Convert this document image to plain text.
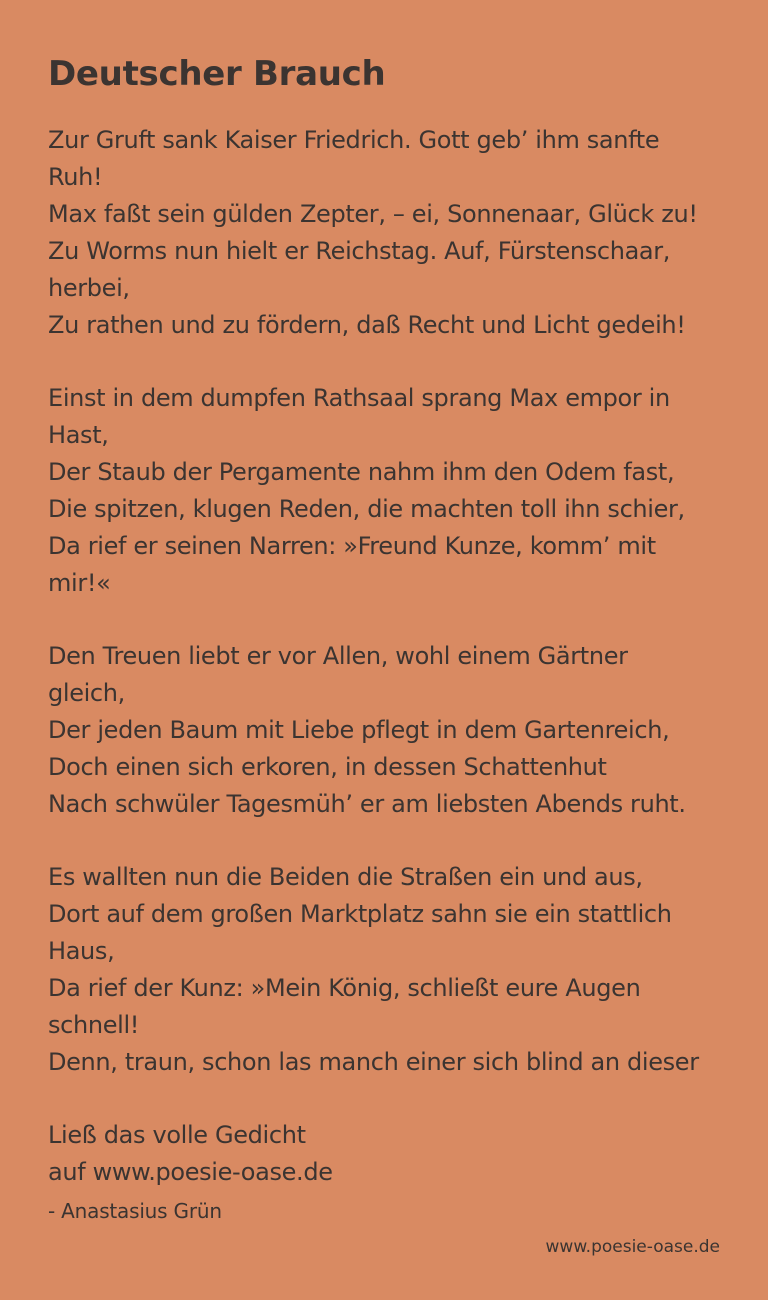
Deutscher Brauch
Zur Gruft sank Kaiser Friedrich. Gott geb’ ihm sanfte
Ruh!
Max faßt sein gülden Zepter, – ei, Sonnenaar, Glück zu!
Zu Worms nun hielt er Reichstag. Auf, Fürstenschaar,
herbei,
Zu rathen und zu fördern, daß Recht und Licht gedeih!
Einst in dem dumpfen Rathsaal sprang Max empor in
Hast,
Der Staub der Pergamente nahm ihm den Odem fast,
Die spitzen, klugen Reden, die machten toll ihn schier,
Da rief er seinen Narren: »Freund Kunze, komm’ mit
mir!«
Den Treuen liebt er vor Allen, wohl einem Gärtner
gleich,
Der jeden Baum mit Liebe pflegt in dem Gartenreich,
Doch einen sich erkoren, in dessen Schattenhut
Nach schwüler Tagesmüh’ er am liebsten Abends ruht.
Es wallten nun die Beiden die Straßen ein und aus,
Dort auf dem großen Marktplatz sahn sie ein stattlich
Haus,
Da rief der Kunz: »Mein König, schließt eure Augen
schnell!
Denn, traun, schon las manch einer sich blind an dieser
Ließ das volle Gedicht
auf www.poesie-oase.de
- Anastasius Grün
www.poesie-oase.de
